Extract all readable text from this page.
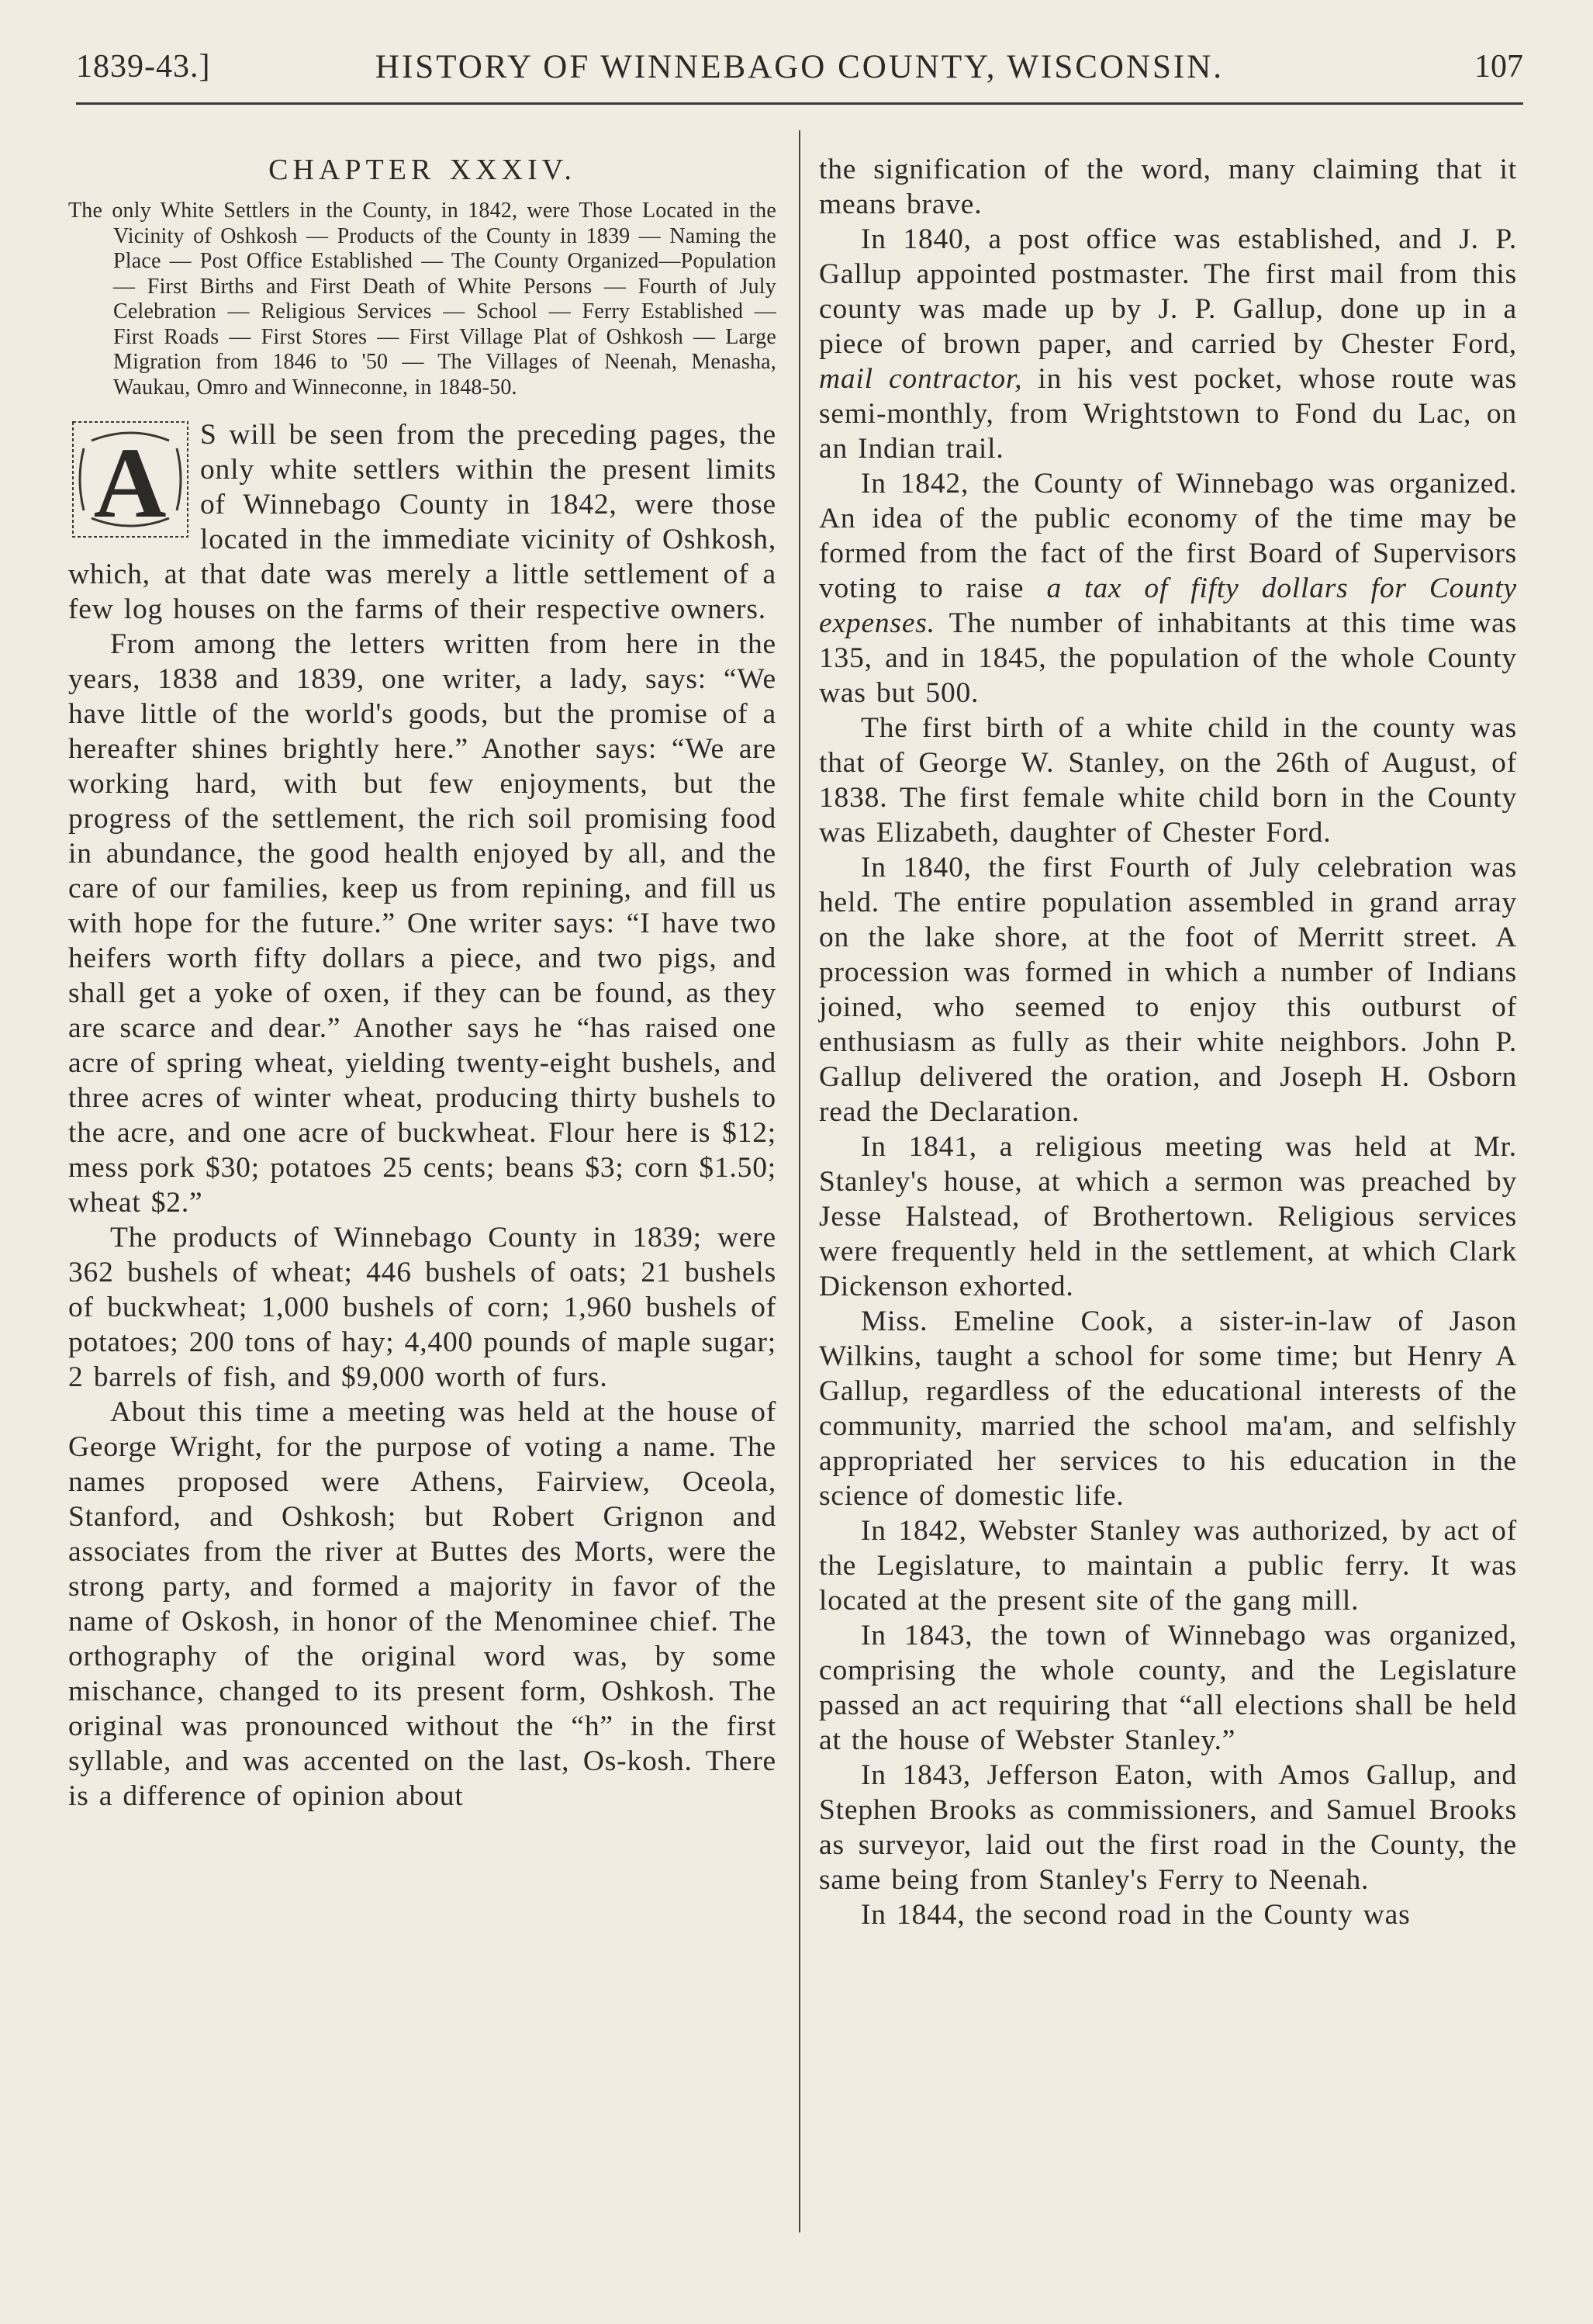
1839-43.]	HISTORY OF WINNEBAGO COUNTY, WISCONSIN.	107
CHAPTER XXXIV.
The only White Settlers in the County, in 1842, were Those Located in the Vicinity of Oshkosh — Products of the County in 1839 — Naming the Place — Post Office Established — The County Organized—Population— First Births and First Death of White Persons — Fourth of July Celebration — Religious Services — School — Ferry Established — First Roads — First Stores — First Village Plat of Oshkosh — Large Migration from 1846 to '50 — The Villages of Neenah, Menasha, Waukau, Omro and Winneconne, in 1848-50.

A S will be seen from the preceding pages, the only white settlers within the present limits of Winnebago County in 1842, were those located in the immediate vicinity of Oshkosh, which, at that date was merely a little settlement of a few log houses on the farms of their respective owners.

From among the letters written from here in the years, 1838 and 1839, one writer, a lady, says: “We have little of the world's goods, but the promise of a hereafter shines brightly here.” Another says: “We are working hard, with but few enjoyments, but the progress of the settlement, the rich soil promising food in abundance, the good health enjoyed by all, and the care of our families, keep us from repining, and fill us with hope for the future.” One writer says: “I have two heifers worth fifty dollars a piece, and two pigs, and shall get a yoke of oxen, if they can be found, as they are scarce and dear.” Another says he “has raised one acre of spring wheat, yielding twenty-eight bushels, and three acres of winter wheat, producing thirty bushels to the acre, and one acre of buckwheat. Flour here is $12; mess pork $30; potatoes 25 cents; beans $3; corn $1.50; wheat $2.”

The products of Winnebago County in 1839; were 362 bushels of wheat; 446 bushels of oats; 21 bushels of buckwheat; 1,000 bushels of corn; 1,960 bushels of potatoes; 200 tons of hay; 4,400 pounds of maple sugar; 2 barrels of fish, and $9,000 worth of furs.

About this time a meeting was held at the house of George Wright, for the purpose of voting a name. The names proposed were Athens, Fairview, Oceola, Stanford, and Oshkosh; but Robert Grignon and associates from the river at Buttes des Morts, were the strong party, and formed a majority in favor of the name of Oskosh, in honor of the Menominee chief. The orthography of the original word was, by some mischance, changed to its present form, Oshkosh. The original was pronounced without the “h” in the first syllable, and was accented on the last, Os-kosh. There is a difference of opinion about

the signification of the word, many claiming that it means brave.

In 1840, a post office was established, and J. P. Gallup appointed postmaster. The first mail from this county was made up by J. P. Gallup, done up in a piece of brown paper, and carried by Chester Ford, mail contractor, in his vest pocket, whose route was semi-monthly, from Wrightstown to Fond du Lac, on an Indian trail.

In 1842, the County of Winnebago was organized. An idea of the public economy of the time may be formed from the fact of the first Board of Supervisors voting to raise a tax of fifty dollars for County expenses. The number of inhabitants at this time was 135, and in 1845, the population of the whole County was but 500.

The first birth of a white child in the county was that of George W. Stanley, on the 26th of August, of 1838. The first female white child born in the County was Elizabeth, daughter of Chester Ford.

In 1840, the first Fourth of July celebration was held. The entire population assembled in grand array on the lake shore, at the foot of Merritt street. A procession was formed in which a number of Indians joined, who seemed to enjoy this outburst of enthusiasm as fully as their white neighbors. John P. Gallup delivered the oration, and Joseph H. Osborn read the Declaration.

In 1841, a religious meeting was held at Mr. Stanley's house, at which a sermon was preached by Jesse Halstead, of Brothertown. Religious services were frequently held in the settlement, at which Clark Dickenson exhorted.

Miss. Emeline Cook, a sister-in-law of Jason Wilkins, taught a school for some time; but Henry A Gallup, regardless of the educational interests of the community, married the school ma'am, and selfishly appropriated her services to his education in the science of domestic life.

In 1842, Webster Stanley was authorized, by act of the Legislature, to maintain a public ferry. It was located at the present site of the gang mill.

In 1843, the town of Winnebago was organized, comprising the whole county, and the Legislature passed an act requiring that “all elections shall be held at the house of Webster Stanley.”

In 1843, Jefferson Eaton, with Amos Gallup, and Stephen Brooks as commissioners, and Samuel Brooks as surveyor, laid out the first road in the County, the same being from Stanley's Ferry to Neenah.

In 1844, the second road in the County was
